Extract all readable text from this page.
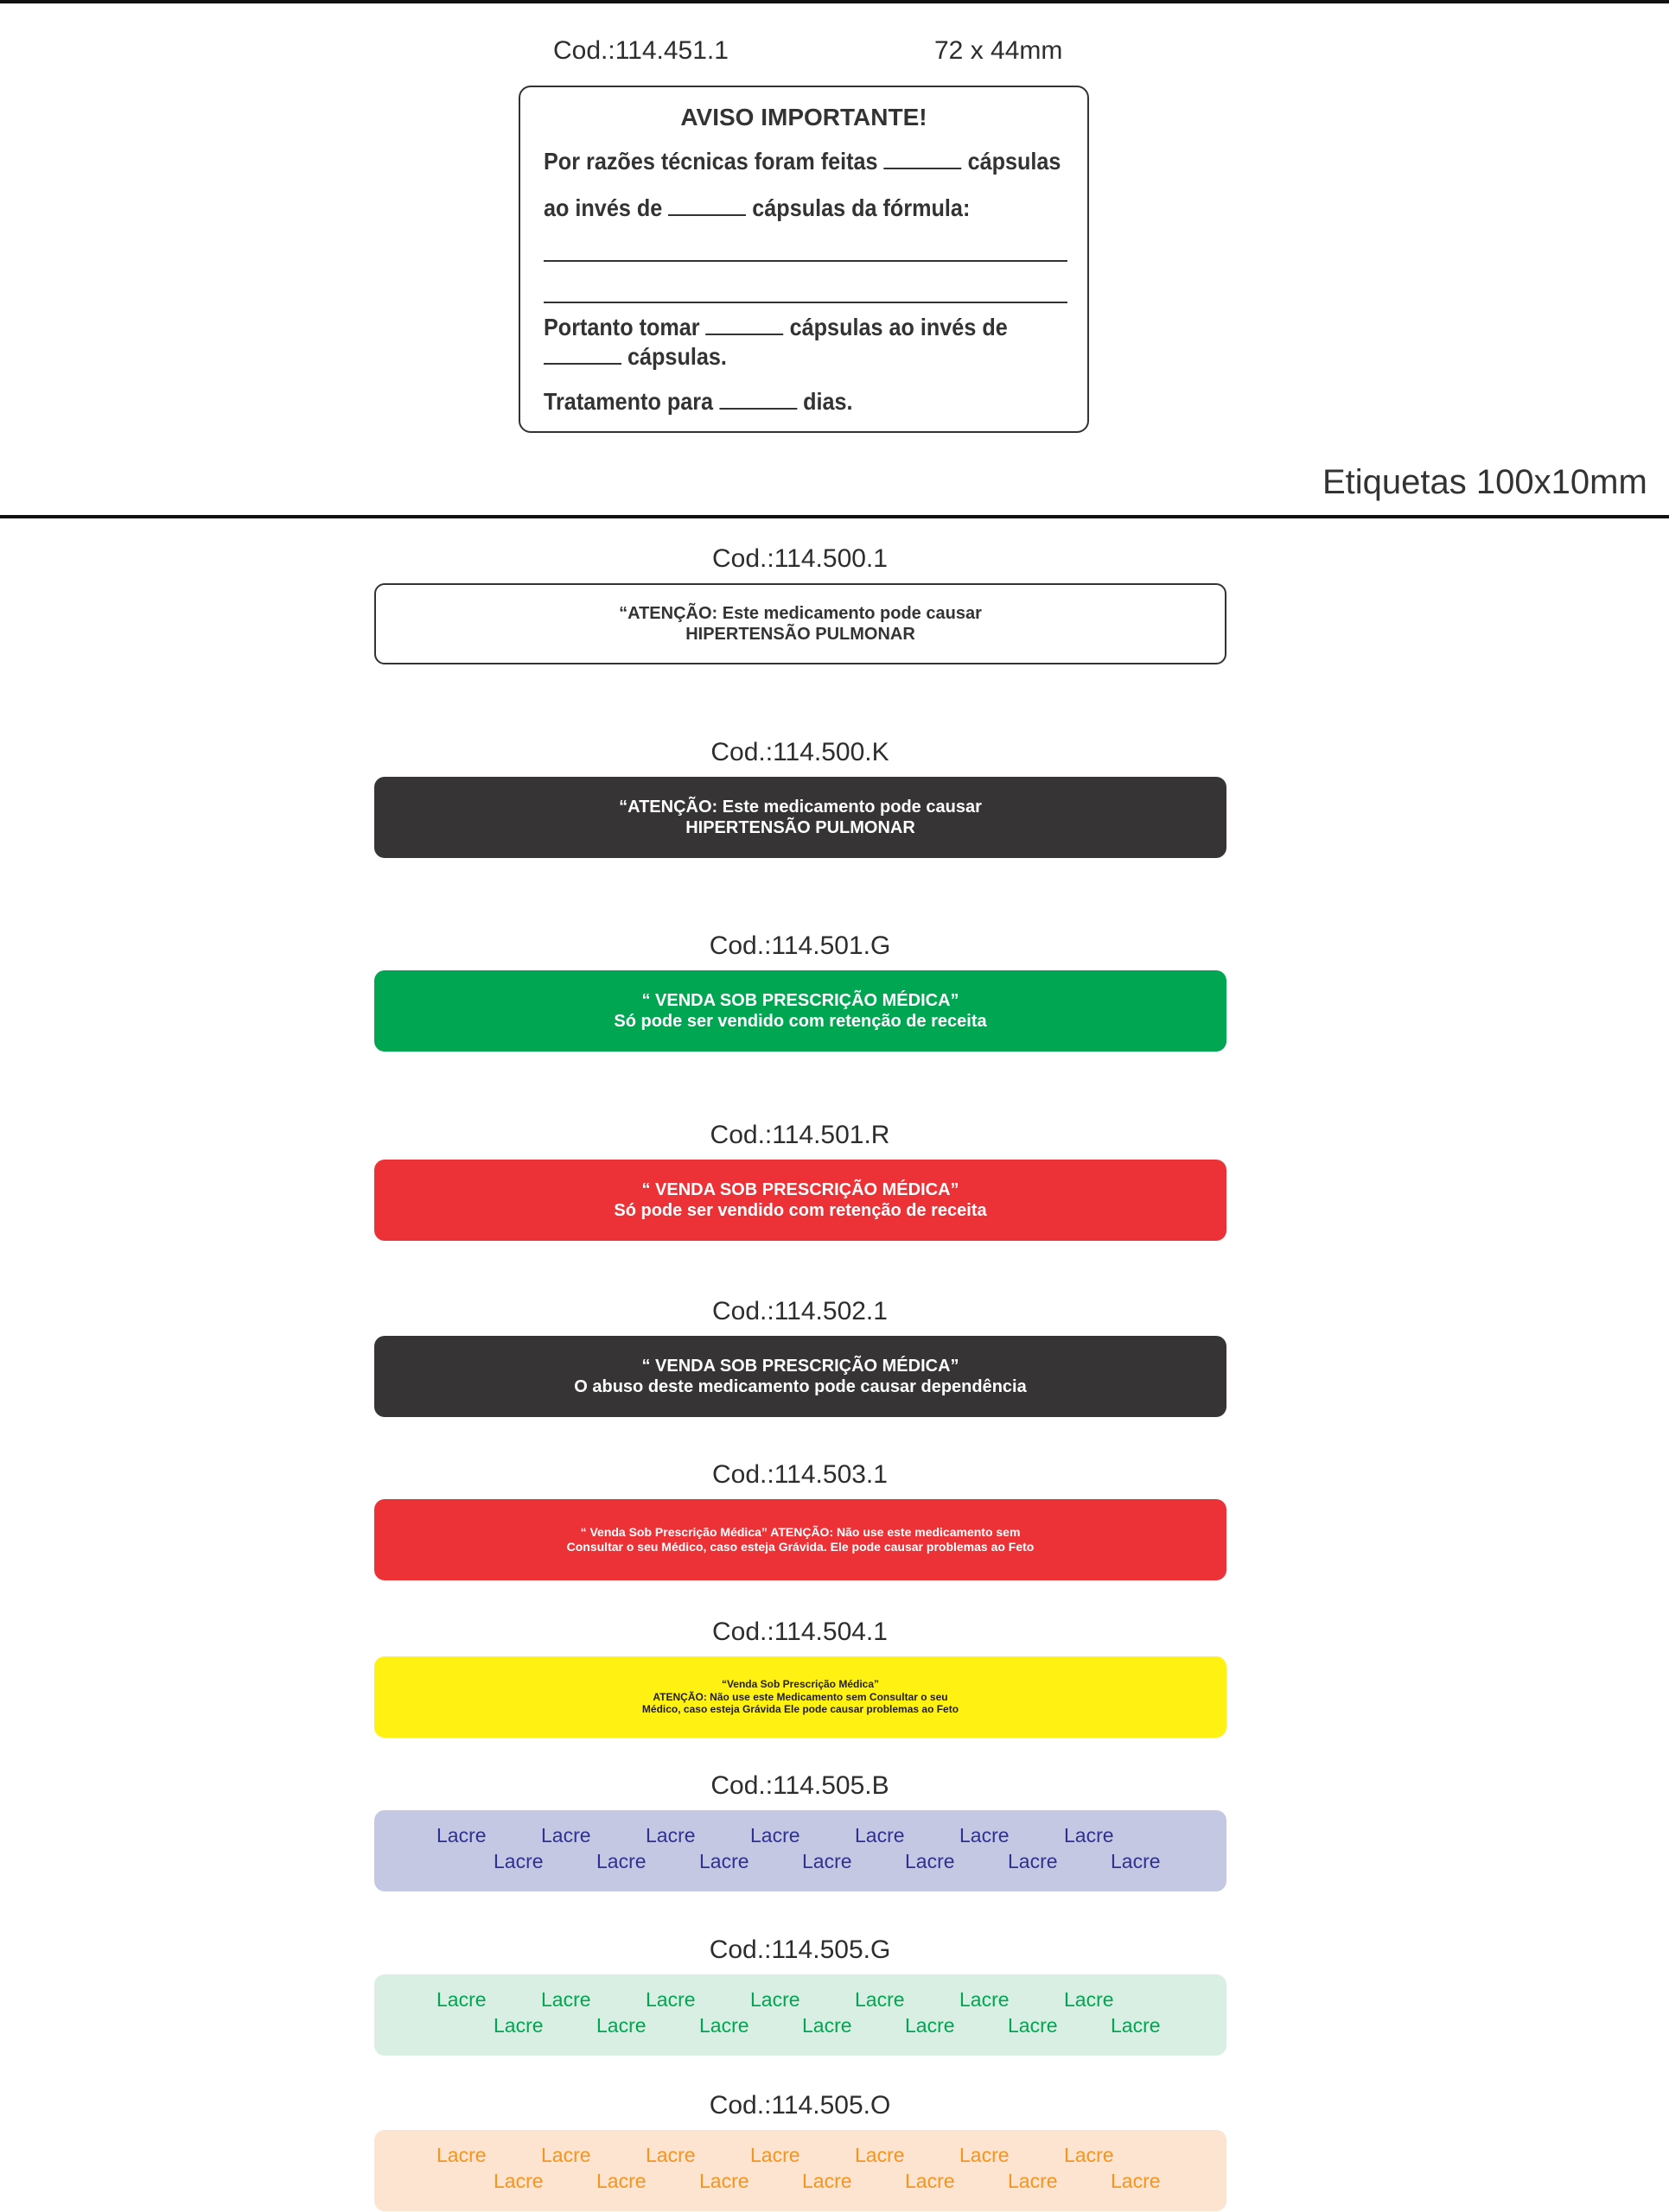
Cod.:114.451.1	72 x 44mm
AVISO IMPORTANTE!
Por razões técnicas foram feitas	cápsulas
ao invés de	cápsulas da fórmula:
Portanto tomar	cápsulas ao invés de
cápsulas.
Tratamento para	dias.
Etiquetas 100x10mm
Cod.:114.500.1
“ATENÇÃO: Este medicamento pode causar
HIPERTENSÃO PULMONAR
Cod.:114.500.K
“ATENÇÃO: Este medicamento pode causar
HIPERTENSÃO PULMONAR
Cod.:114.501.G
“ VENDA SOB PRESCRIÇÃO MÉDICA”
Só pode ser vendido com retenção de receita
Cod.:114.501.R
“ VENDA SOB PRESCRIÇÃO MÉDICA”
Só pode ser vendido com retenção de receita
Cod.:114.502.1
“ VENDA SOB PRESCRIÇÃO MÉDICA”
O abuso deste medicamento pode causar dependência
Cod.:114.503.1
“ Venda Sob Prescrição Médica” ATENÇÃO: Não use este medicamento sem
Consultar o seu Médico, caso esteja Grávida. Ele pode causar problemas ao Feto
Cod.:114.504.1
“Venda Sob Prescrição Médica”
ATENÇÃO: Não use este Medicamento sem Consultar o seu
Médico, caso esteja Grávida Ele pode causar problemas ao Feto
Cod.:114.505.B
Lacre	Lacre	Lacre	Lacre	Lacre	Lacre	Lacre
Lacre	Lacre	Lacre	Lacre	Lacre	Lacre	Lacre
Cod.:114.505.G
Lacre	Lacre	Lacre	Lacre	Lacre	Lacre	Lacre
Lacre	Lacre	Lacre	Lacre	Lacre	Lacre	Lacre
Cod.:114.505.O
Lacre	Lacre	Lacre	Lacre	Lacre	Lacre	Lacre
Lacre	Lacre	Lacre	Lacre	Lacre	Lacre	Lacre
